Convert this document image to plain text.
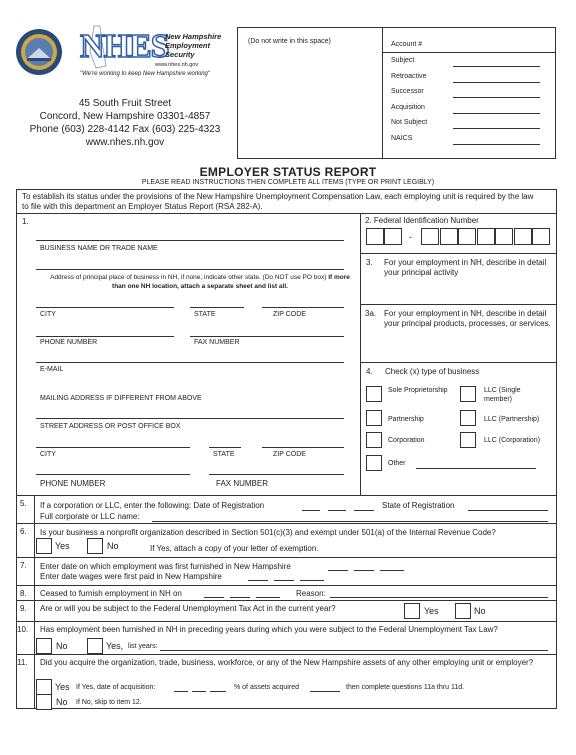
NHES
New Hampshire
Employment
Security
www.nhes.nh.gov
"We're working to keep New Hampshire working"
45 South Fruit Street
Concord, New Hampshire 03301-4857
Phone (603) 228-4142 Fax (603) 225-4323
www.nhes.nh.gov
(Do not write in this space)	Account #
Subject
Retroactive
Successor
Acquisition
Not Subject
NAICS
EMPLOYER STATUS REPORT
PLEASE READ INSTRUCTIONS THEN COMPLETE ALL ITEMS (TYPE OR PRINT LEGIBLY)
To establish its status under the provisions of the New Hampshire Unemployment Compensation Law, each employing unit is required by the law to file with this department an Employer Status Report (RSA 282-A).
1.
BUSINESS NAME OR TRADE NAME
Address of principal place of business in NH, if none, indicate other state. (Do NOT use PO box) If more than one NH location, attach a separate sheet and list all.
CITY	STATE	ZIP CODE
PHONE NUMBER	FAX NUMBER
E-MAIL
MAILING ADDRESS IF DIFFERENT FROM ABOVE
STREET ADDRESS OR POST OFFICE BOX
CITY	STATE	ZIP CODE
PHONE NUMBER	FAX NUMBER
2. Federal Identification Number
-
3. For your employment in NH, describe in detail your principal activity
3a. For your employment in NH, describe in detail your principal products, processes, or services.
4. Check (x) type of business
Sole Proprietorship	LLC (Single member)
Partnership	LLC (Partnership)
Corporation	LLC (Corporation)
Other
5. If a corporation or LLC, enter the following: Date of Registration	State of Registration
Full corporate or LLC name:
6. Is your business a nonprofit organization described in Section 501(c)(3) and exempt under 501(a) of the Internal Revenue Code?
Yes	No	If Yes, attach a copy of your letter of exemption.
7. Enter date on which employment was first furnished in New Hampshire
Enter date wages were first paid in New Hampshire
8. Ceased to furnish employment in NH on	Reason:
9. Are or will you be subject to the Federal Unemployment Tax Act in the current year?	Yes	No
10. Has employment been furnished in NH in preceding years during which you were subject to the Federal Unemployment Tax Law?
No	Yes, list years:
11. Did you acquire the organization, trade, business, workforce, or any of the New Hampshire assets of any other employing unit or employer?
Yes If Yes, date of acquisition:	% of assets acquired	then complete questions 11a thru 11d.
No If No, skip to item 12.
